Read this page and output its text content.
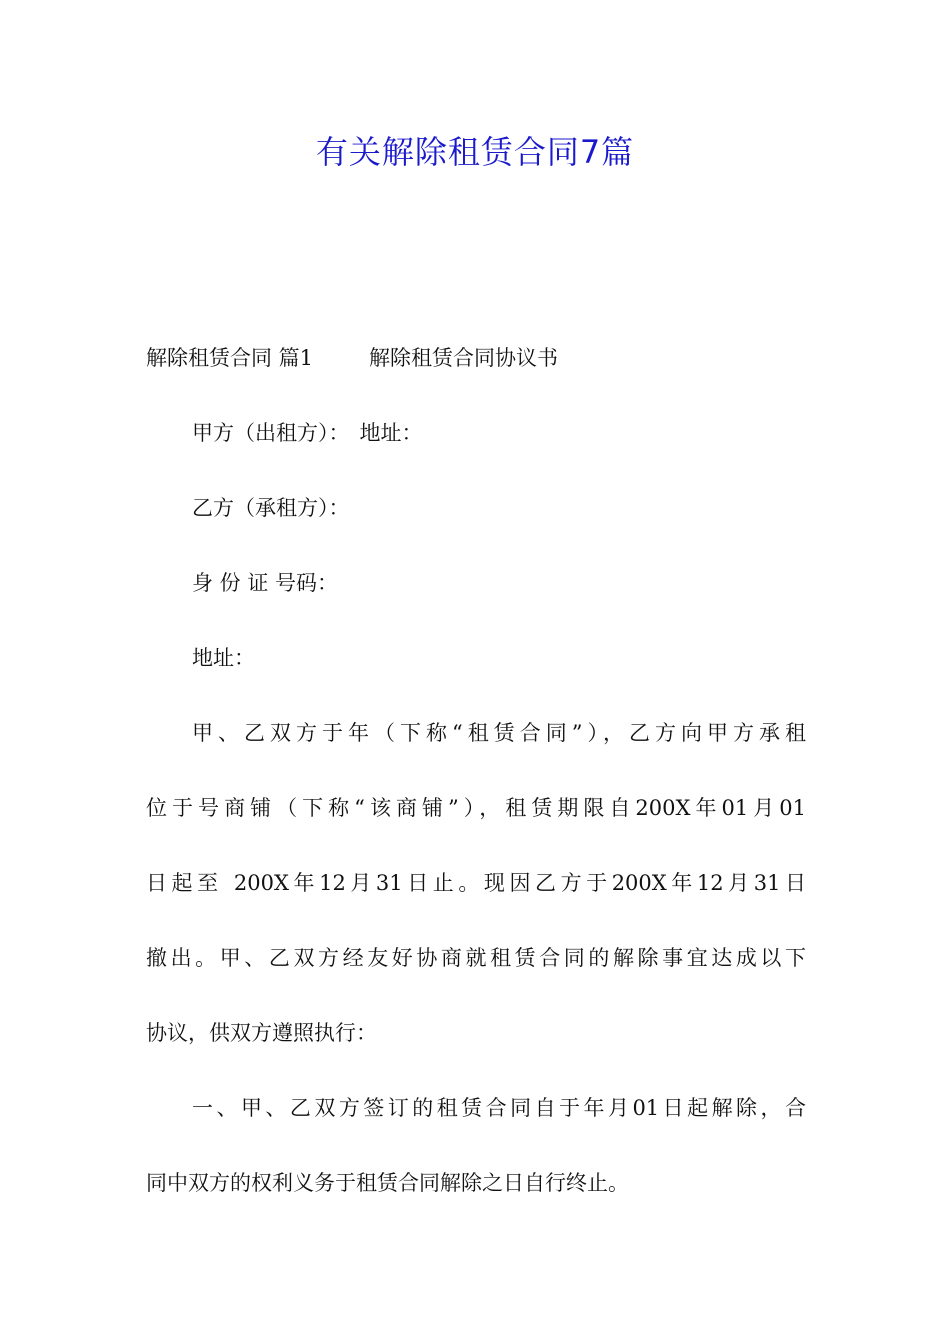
有关解除租赁合同7篇
解除租赁合同 篇1	解除租赁合同协议书
甲方（出租方）： 地址：
乙方（承租方）：
身 份 证 号码：
地址：
甲、乙双方于年（下称“租赁合同”），乙方向甲方承租
位于号商铺（下称“该商铺”），租赁期限自200X年01月01
日起至 200X年12月31日止。现因乙方于200X年12月31日
撤出。甲、乙双方经友好协商就租赁合同的解除事宜达成以下
协议，供双方遵照执行：
一、甲、乙双方签订的租赁合同自于年月01日起解除，合
同中双方的权利义务于租赁合同解除之日自行终止。
